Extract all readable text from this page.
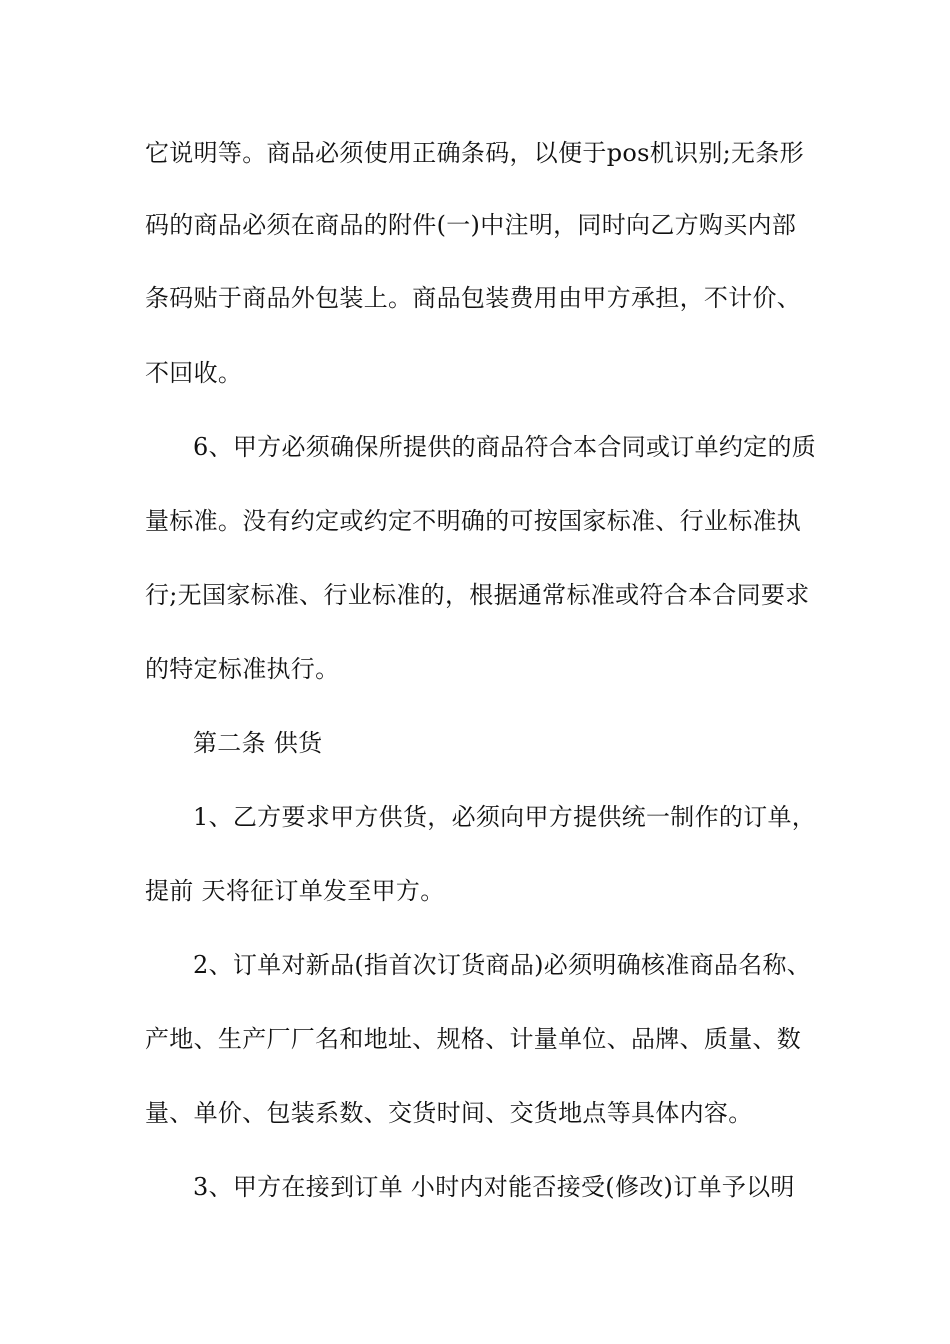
它说明等。商品必须使用正确条码，以便于pos机识别;无条形
码的商品必须在商品的附件(一)中注明，同时向乙方购买内部
条码贴于商品外包装上。商品包装费用由甲方承担，不计价、
不回收。
6、甲方必须确保所提供的商品符合本合同或订单约定的质
量标准。没有约定或约定不明确的可按国家标准、行业标准执
行;无国家标准、行业标准的，根据通常标准或符合本合同要求
的特定标准执行。
第二条 供货
1、乙方要求甲方供货，必须向甲方提供统一制作的订单，
提前 天将征订单发至甲方。
2、订单对新品(指首次订货商品)必须明确核准商品名称、
产地、生产厂厂名和地址、规格、计量单位、品牌、质量、数
量、单价、包装系数、交货时间、交货地点等具体内容。
3、甲方在接到订单 小时内对能否接受(修改)订单予以明
